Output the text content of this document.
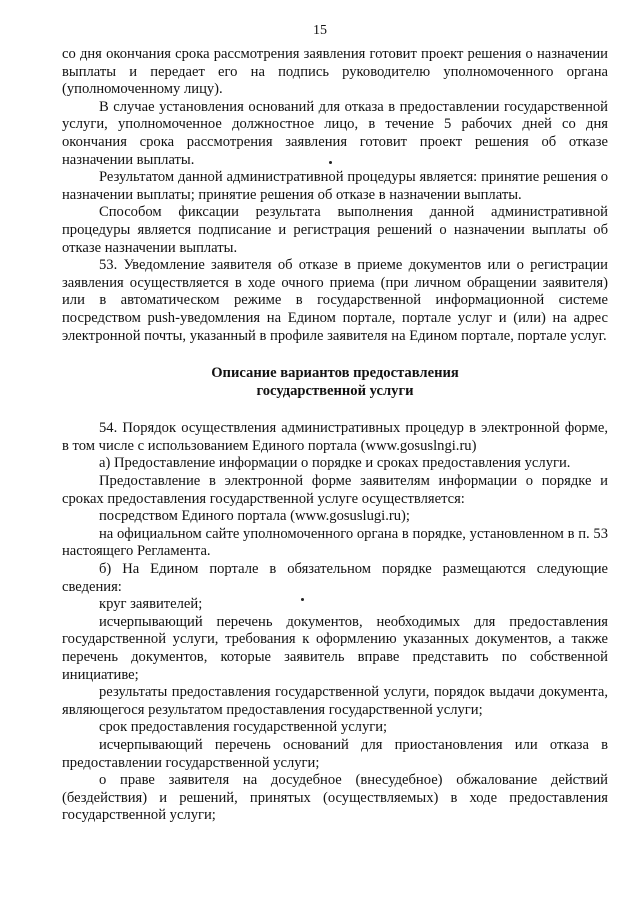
15

со дня окончания срока рассмотрения заявления готовит проект решения о назначении выплаты и передает его на подпись руководителю уполномоченного органа (уполномоченному лицу).

В случае установления оснований для отказа в предоставлении государственной услуги, уполномоченное должностное лицо, в течение 5 рабочих дней со дня окончания срока рассмотрения заявления готовит проект решения об отказе назначении выплаты.

Результатом данной административной процедуры является: принятие решения о назначении выплаты; принятие решения об отказе в назначении выплаты.

Способом фиксации результата выполнения данной административной процедуры является подписание и регистрация решений о назначении выплаты об отказе назначении выплаты.

53. Уведомление заявителя об отказе в приеме документов или о регистрации заявления осуществляется в ходе очного приема (при личном обращении заявителя) или в автоматическом режиме в государственной информационной системе посредством push-уведомления на Едином портале, портале услуг и (или) на адрес электронной почты, указанный в профиле заявителя на Едином портале, портале услуг.

Описание вариантов предоставления
государственной услуги

54. Порядок осуществления административных процедур в электронной форме, в том числе с использованием Единого портала (www.gosuslngi.ru)

а) Предоставление информации о порядке и сроках предоставления услуги.

Предоставление в электронной форме заявителям информации о порядке и сроках предоставления государственной услуге осуществляется:

посредством Единого портала (www.gosuslugi.ru);

на официальном сайте уполномоченного органа в порядке, установленном в п. 53 настоящего Регламента.

б) На Едином портале в обязательном порядке размещаются следующие сведения:

круг заявителей;

исчерпывающий перечень документов, необходимых для предоставления государственной услуги, требования к оформлению указанных документов, а также перечень документов, которые заявитель вправе представить по собственной инициативе;

результаты предоставления государственной услуги, порядок выдачи документа, являющегося результатом предоставления государственной услуги;

срок предоставления государственной услуги;

исчерпывающий перечень оснований для приостановления или отказа в предоставлении государственной услуги;

о праве заявителя на досудебное (внесудебное) обжалование действий (бездействия) и решений, принятых (осуществляемых) в ходе предоставления государственной услуги;
